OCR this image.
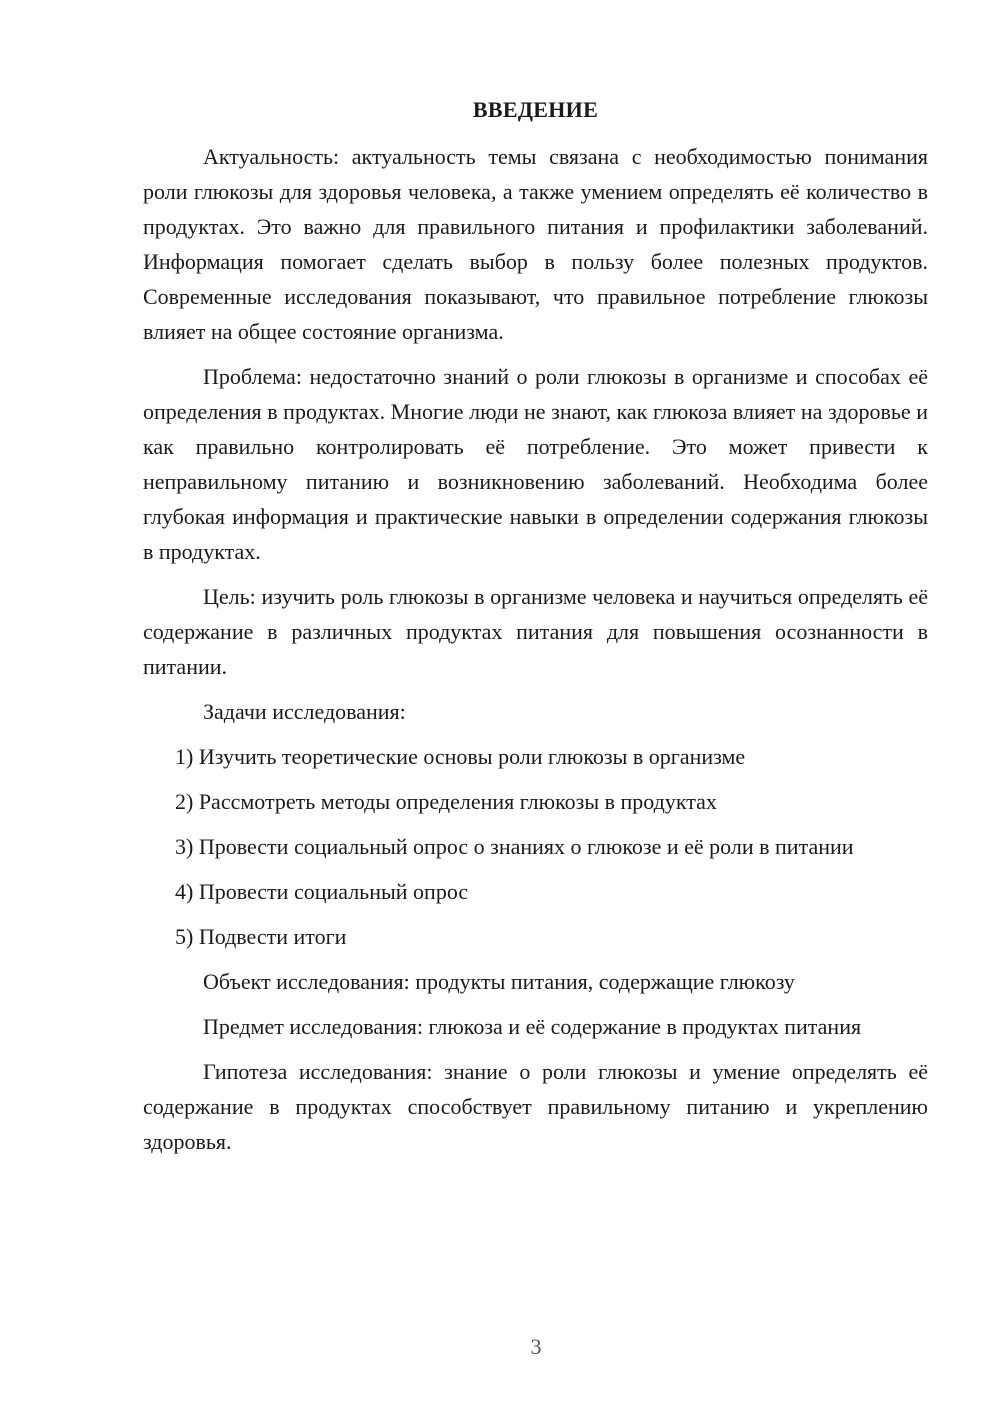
ВВЕДЕНИЕ

Актуальность: актуальность темы связана с необходимостью понимания роли глюкозы для здоровья человека, а также умением определять её количество в продуктах. Это важно для правильного питания и профилактики заболеваний. Информация помогает сделать выбор в пользу более полезных продуктов. Современные исследования показывают, что правильное потребление глюкозы влияет на общее состояние организма.

Проблема: недостаточно знаний о роли глюкозы в организме и способах её определения в продуктах. Многие люди не знают, как глюкоза влияет на здоровье и как правильно контролировать её потребление. Это может привести к неправильному питанию и возникновению заболеваний. Необходима более глубокая информация и практические навыки в определении содержания глюкозы в продуктах.

Цель: изучить роль глюкозы в организме человека и научиться определять её содержание в различных продуктах питания для повышения осознанности в питании.

Задачи исследования:

1) Изучить теоретические основы роли глюкозы в организме

2) Рассмотреть методы определения глюкозы в продуктах

3) Провести социальный опрос о знаниях о глюкозе и её роли в питании

4) Провести социальный опрос

5) Подвести итоги

Объект исследования: продукты питания, содержащие глюкозу

Предмет исследования: глюкоза и её содержание в продуктах питания

Гипотеза исследования: знание о роли глюкозы и умение определять её содержание в продуктах способствует правильному питанию и укреплению здоровья.

3
